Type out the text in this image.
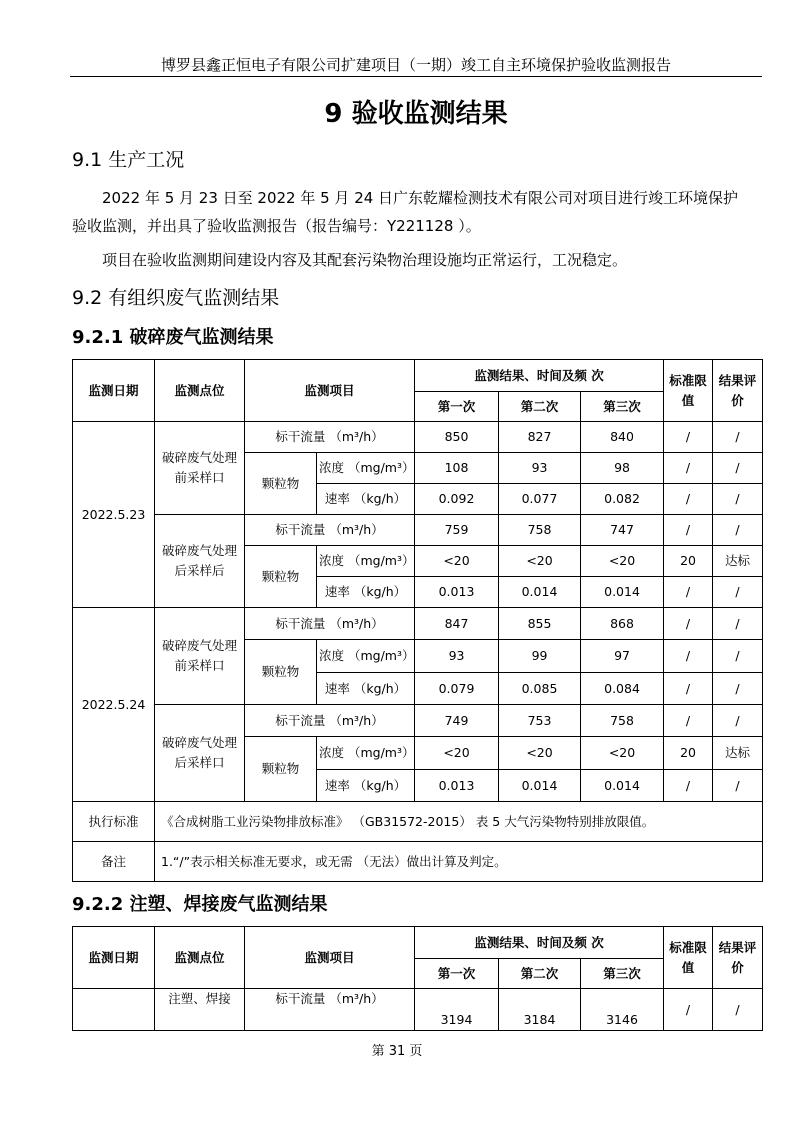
博罗县鑫正恒电子有限公司扩建项目（一期）竣工自主环境保护验收监测报告
9 验收监测结果
9.1 生产工况
2022 年 5 月 23 日至 2022 年 5 月 24 日广东乾耀检测技术有限公司对项目进行竣工环境保护验收监测，并出具了验收监测报告（报告编号：Y221128 ）。
项目在验收监测期间建设内容及其配套污染物治理设施均正常运行，工况稳定。
9.2 有组织废气监测结果
9.2.1 破碎废气监测结果
监测日期	监测点位	监测项目		监测结果、时间及频 次			标准限值	结果评价
				第一次	第二次	第三次		
2022.5.23	破碎废气处理前采样口	标干流量 （m³/h）		850	827	840	/	/
		颗粒物	浓度 （mg/m³）	108	93	98	/	/
			速率 （kg/h）	0.092	0.077	0.082	/	/
	破碎废气处理后采样后	标干流量 （m³/h）		759	758	747	/	/
		颗粒物	浓度 （mg/m³）	<20	<20	<20	20	达标
			速率 （kg/h）	0.013	0.014	0.014	/	/
2022.5.24	破碎废气处理前采样口	标干流量 （m³/h）		847	855	868	/	/
		颗粒物	浓度 （mg/m³）	93	99	97	/	/
			速率 （kg/h）	0.079	0.085	0.084	/	/
	破碎废气处理后采样口	标干流量 （m³/h）		749	753	758	/	/
		颗粒物	浓度 （mg/m³）	<20	<20	<20	20	达标
			速率 （kg/h）	0.013	0.014	0.014	/	/
执行标准	《合成树脂工业污染物排放标准》 （GB31572-2015） 表 5 大气污染物特别排放限值。							
备注	1.“/”表示相关标准无要求，或无需 （无法）做出计算及判定。							
9.2.2 注塑、焊接废气监测结果
监测日期	监测点位	监测项目	监测结果、时间及频 次			标准限值	结果评价
			第一次	第二次	第三次		
	注塑、焊接	标干流量 （m³/h）	3194	3184	3146	/	/
第 31 页
